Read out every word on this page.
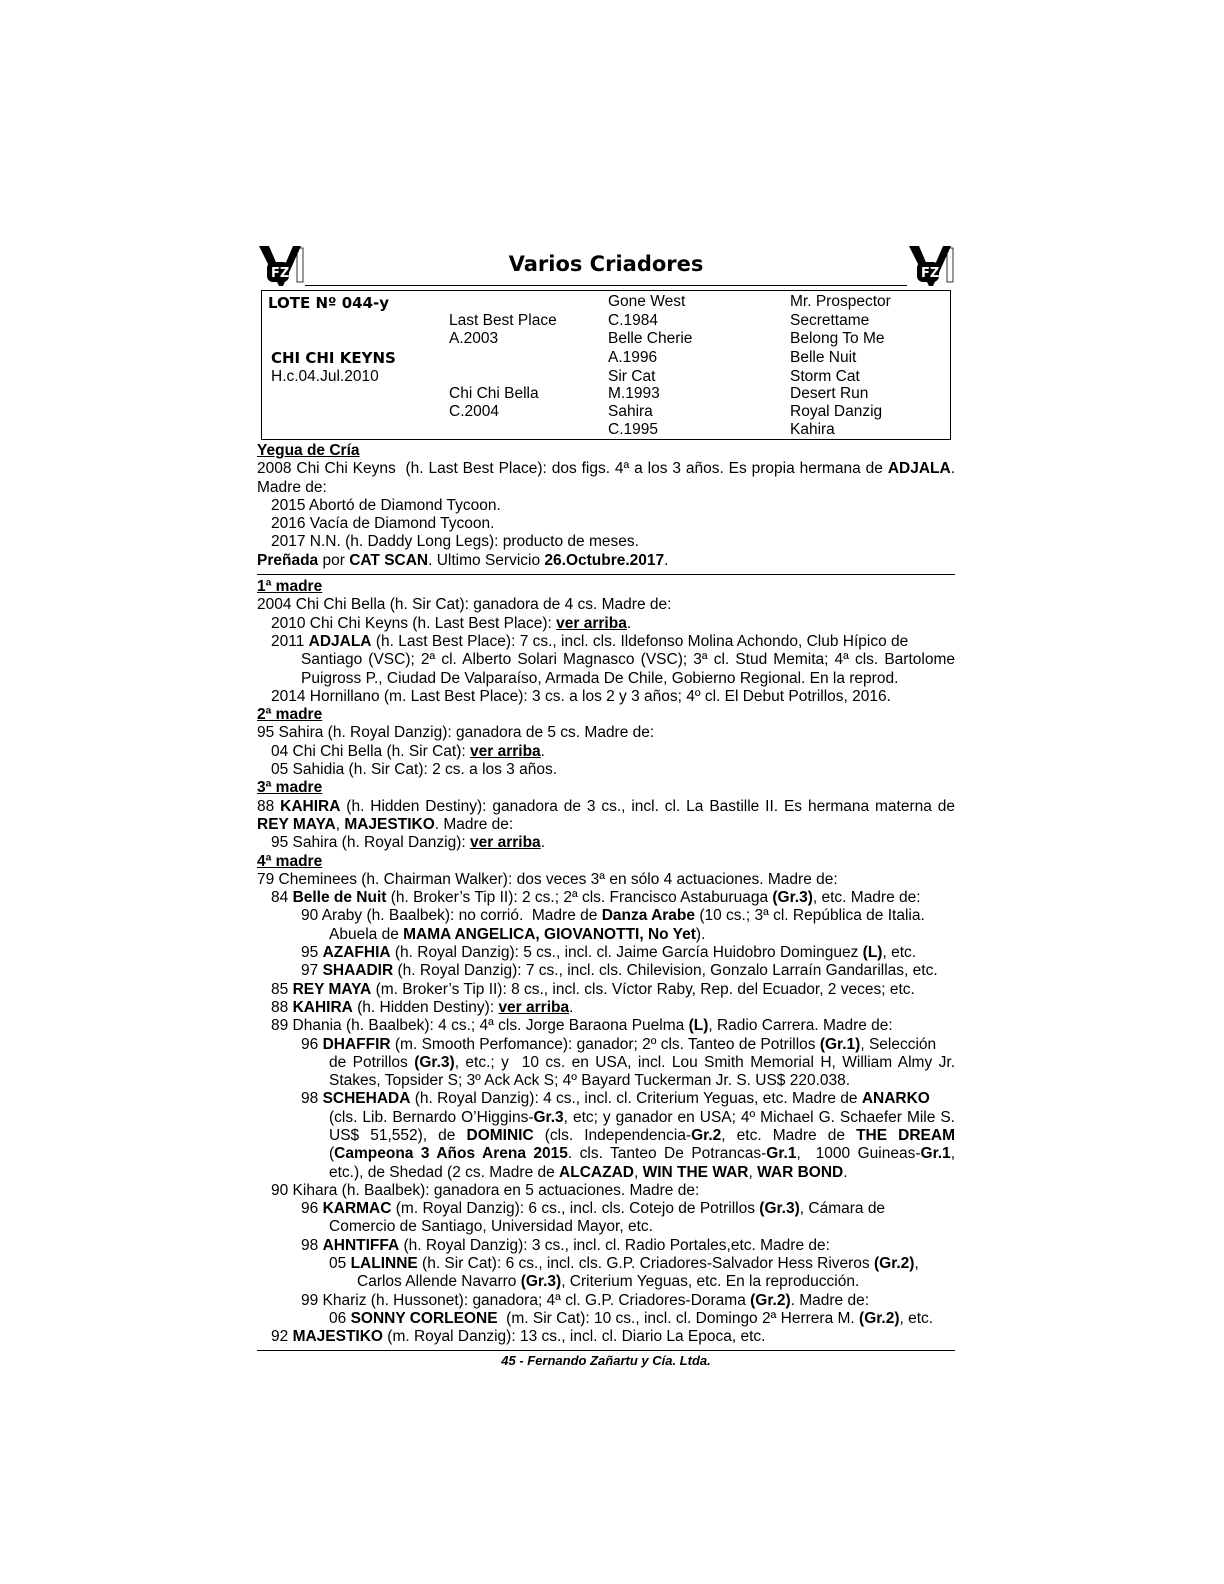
FZ	Varios Criadores	FZ
LOTE Nº 044-y
CHI CHI KEYNS
H.c.04.Jul.2010
Last Best Place
A.2003
Chi Chi Bella
C.2004
Gone West
C.1984
Belle Cherie
A.1996
Sir Cat
M.1993
Sahira
C.1995
Mr. Prospector
Secrettame
Belong To Me
Belle Nuit
Storm Cat
Desert Run
Royal Danzig
Kahira
Yegua de Cría
2008 Chi Chi Keyns  (h. Last Best Place): dos figs. 4ª a los 3 años. Es propia hermana de ADJALA. Madre de:
2015 Abortó de Diamond Tycoon.
2016 Vacía de Diamond Tycoon.
2017 N.N. (h. Daddy Long Legs): producto de meses.
Preñada por CAT SCAN. Ultimo Servicio 26.Octubre.2017.
1ª madre
2004 Chi Chi Bella (h. Sir Cat): ganadora de 4 cs. Madre de:
2010 Chi Chi Keyns (h. Last Best Place): ver arriba.
2011 ADJALA (h. Last Best Place): 7 cs., incl. cls. Ildefonso Molina Achondo, Club Hípico de
Santiago (VSC); 2ª cl. Alberto Solari Magnasco (VSC); 3ª cl. Stud Memita; 4ª cls. Bartolome Puigross P., Ciudad De Valparaíso, Armada De Chile, Gobierno Regional. En la reprod.
2014 Hornillano (m. Last Best Place): 3 cs. a los 2 y 3 años; 4º cl. El Debut Potrillos, 2016.
2ª madre
95 Sahira (h. Royal Danzig): ganadora de 5 cs. Madre de:
04 Chi Chi Bella (h. Sir Cat): ver arriba.
05 Sahidia (h. Sir Cat): 2 cs. a los 3 años.
3ª madre
88 KAHIRA (h. Hidden Destiny): ganadora de 3 cs., incl. cl. La Bastille II. Es hermana materna de REY MAYA, MAJESTIKO. Madre de:
95 Sahira (h. Royal Danzig): ver arriba.
4ª madre
79 Cheminees (h. Chairman Walker): dos veces 3ª en sólo 4 actuaciones. Madre de:
84 Belle de Nuit (h. Broker’s Tip II): 2 cs.; 2ª cls. Francisco Astaburuaga (Gr.3), etc. Madre de:
90 Araby (h. Baalbek): no corrió.  Madre de Danza Arabe (10 cs.; 3ª cl. República de Italia.
Abuela de MAMA ANGELICA, GIOVANOTTI, No Yet).
95 AZAFHIA (h. Royal Danzig): 5 cs., incl. cl. Jaime García Huidobro Dominguez (L), etc.
97 SHAADIR (h. Royal Danzig): 7 cs., incl. cls. Chilevision, Gonzalo Larraín Gandarillas, etc.
85 REY MAYA (m. Broker’s Tip II): 8 cs., incl. cls. Víctor Raby, Rep. del Ecuador, 2 veces; etc.
88 KAHIRA (h. Hidden Destiny): ver arriba.
89 Dhania (h. Baalbek): 4 cs.; 4ª cls. Jorge Baraona Puelma (L), Radio Carrera. Madre de:
96 DHAFFIR (m. Smooth Perfomance): ganador; 2º cls. Tanteo de Potrillos (Gr.1), Selección
de Potrillos (Gr.3), etc.; y  10 cs. en USA, incl. Lou Smith Memorial H, William Almy Jr. Stakes, Topsider S; 3º Ack Ack S; 4º Bayard Tuckerman Jr. S. US$ 220.038.
98 SCHEHADA (h. Royal Danzig): 4 cs., incl. cl. Criterium Yeguas, etc. Madre de ANARKO
(cls. Lib. Bernardo O’Higgins-Gr.3, etc; y ganador en USA; 4º Michael G. Schaefer Mile S. US$ 51,552), de DOMINIC (cls. Independencia-Gr.2, etc. Madre de THE DREAM (Campeona 3 Años Arena 2015. cls. Tanteo De Potrancas-Gr.1,  1000 Guineas-Gr.1, etc.), de Shedad (2 cs. Madre de ALCAZAD, WIN THE WAR, WAR BOND.
90 Kihara (h. Baalbek): ganadora en 5 actuaciones. Madre de:
96 KARMAC (m. Royal Danzig): 6 cs., incl. cls. Cotejo de Potrillos (Gr.3), Cámara de
Comercio de Santiago, Universidad Mayor, etc.
98 AHNTIFFA (h. Royal Danzig): 3 cs., incl. cl. Radio Portales,etc. Madre de:
05 LALINNE (h. Sir Cat): 6 cs., incl. cls. G.P. Criadores-Salvador Hess Riveros (Gr.2),
Carlos Allende Navarro (Gr.3), Criterium Yeguas, etc. En la reproducción.
99 Khariz (h. Hussonet): ganadora; 4ª cl. G.P. Criadores-Dorama (Gr.2). Madre de:
06 SONNY CORLEONE  (m. Sir Cat): 10 cs., incl. cl. Domingo 2ª Herrera M. (Gr.2), etc.
92 MAJESTIKO (m. Royal Danzig): 13 cs., incl. cl. Diario La Epoca, etc.
45 - Fernando Zañartu y Cía. Ltda.
